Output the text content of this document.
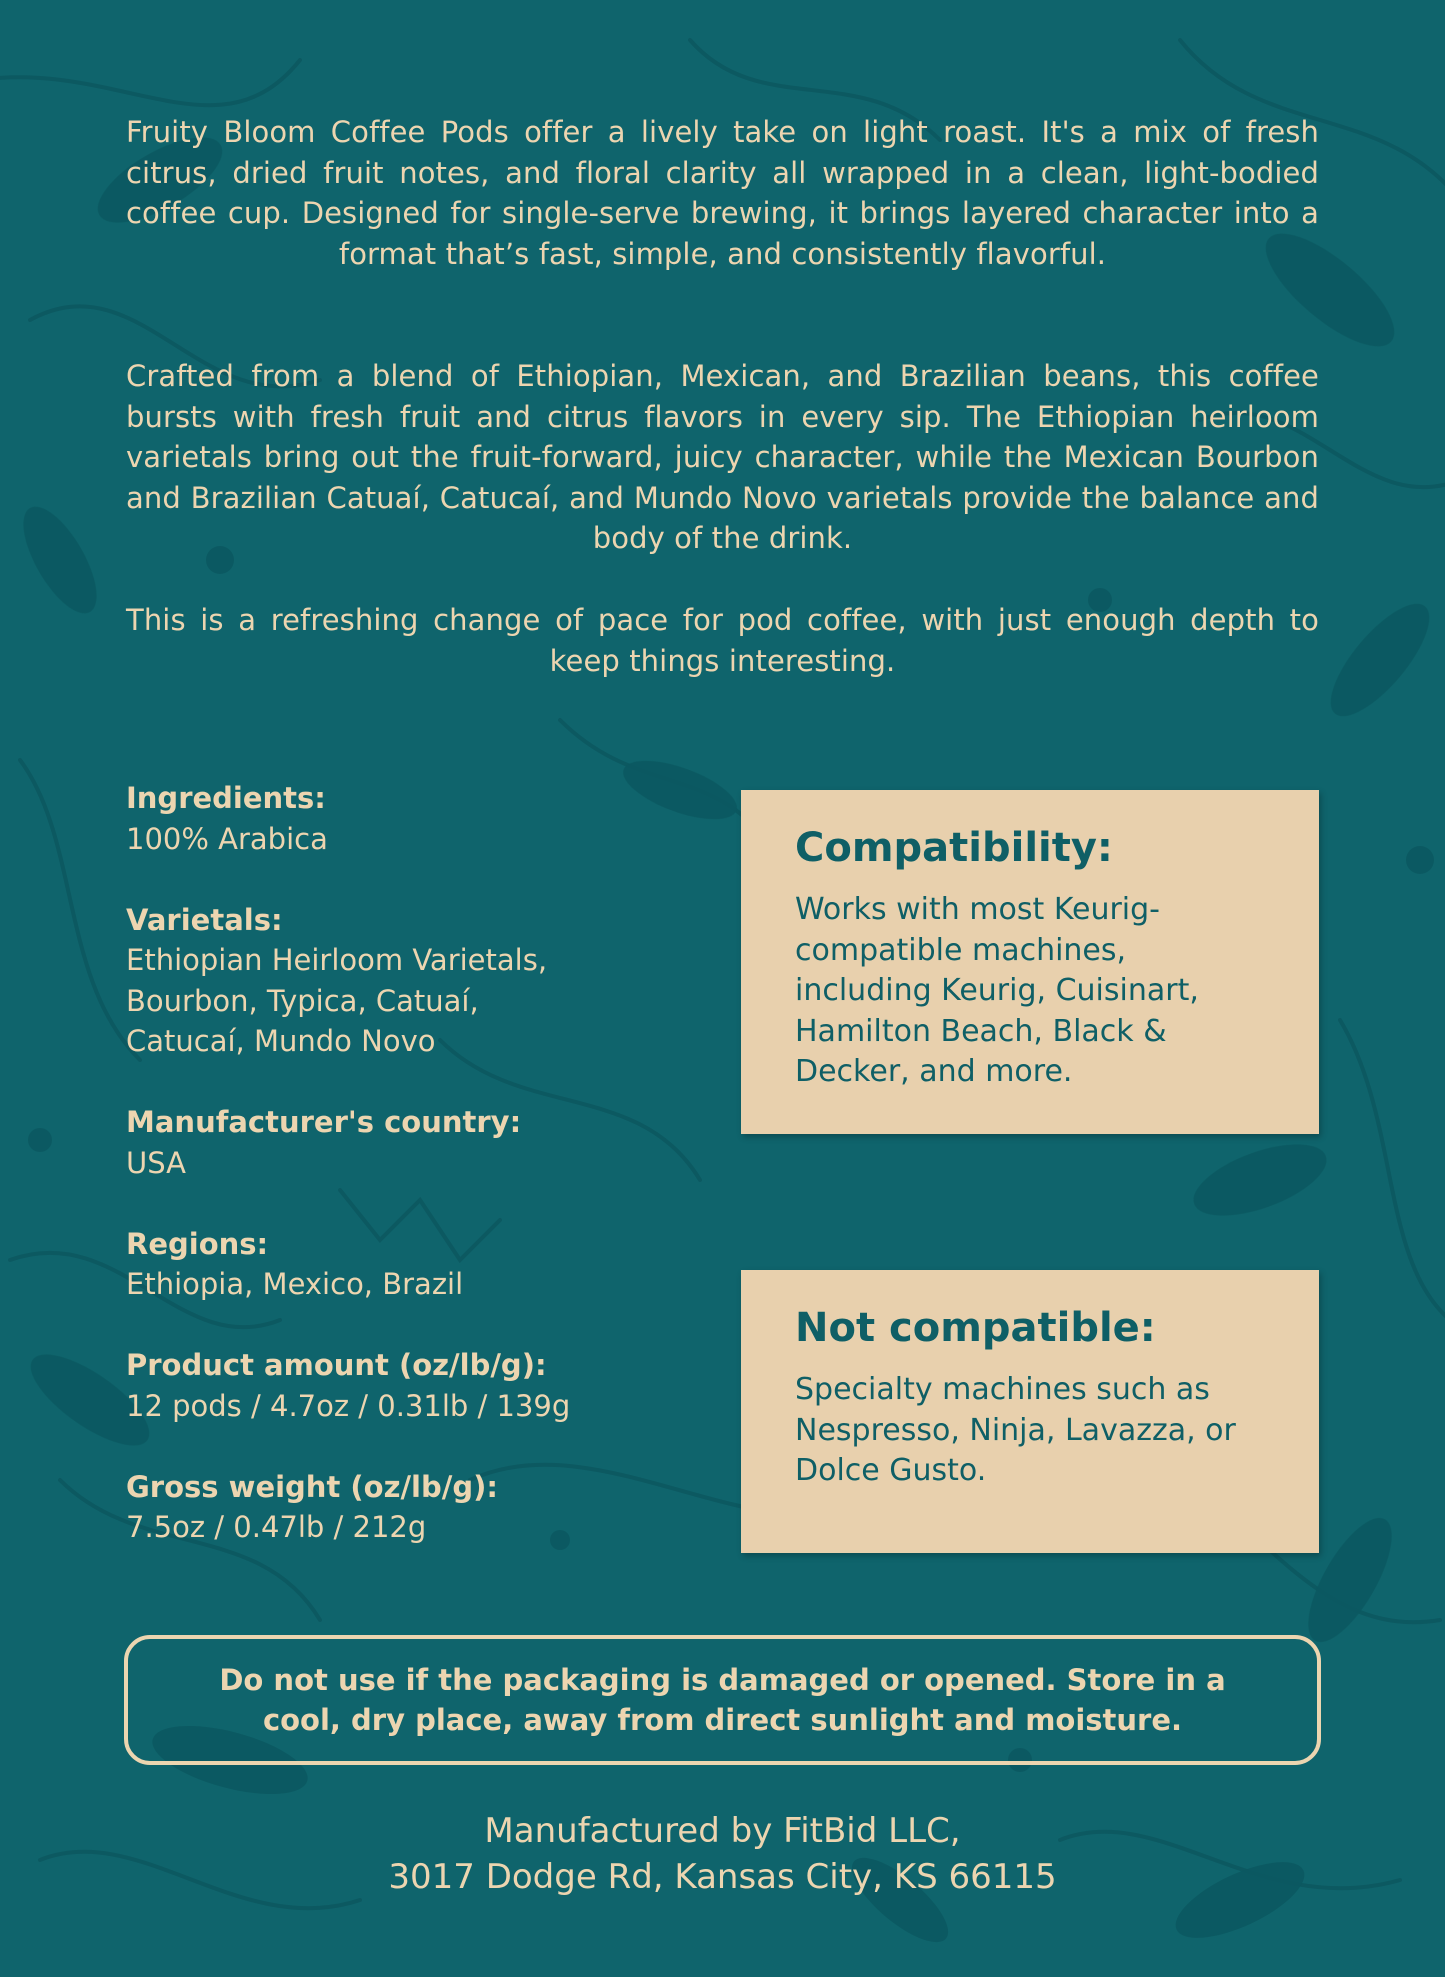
Fruity Bloom Coffee Pods offer a lively take on light roast. It's a mix of fresh citrus, dried fruit notes, and floral clarity all wrapped in a clean, light-bodied coffee cup. Designed for single-serve brewing, it brings layered character into a format that’s fast, simple, and consistently flavorful.

Crafted from a blend of Ethiopian, Mexican, and Brazilian beans, this coffee bursts with fresh fruit and citrus flavors in every sip. The Ethiopian heirloom varietals bring out the fruit-forward, juicy character, while the Mexican Bourbon and Brazilian Catuaí, Catucaí, and Mundo Novo varietals provide the balance and body of the drink.

This is a refreshing change of pace for pod coffee, with just enough depth to keep things interesting.

Ingredients:
100% Arabica
Varietals:
Ethiopian Heirloom Varietals,
Bourbon, Typica, Catuaí,
Catucaí, Mundo Novo
Manufacturer's country:
USA
Regions:
Ethiopia, Mexico, Brazil
Product amount (oz/lb/g):
12 pods / 4.7oz / 0.31lb / 139g
Gross weight (oz/lb/g):
7.5oz / 0.47lb / 212g
Compatibility:
Works with most Keurig-compatible machines, including Keurig, Cuisinart, Hamilton Beach, Black & Decker, and more.
Not compatible:
Specialty machines such as Nespresso, Ninja, Lavazza, or Dolce Gusto.
Do not use if the packaging is damaged or opened. Store in a cool, dry place, away from direct sunlight and moisture.
Manufactured by FitBid LLC,
3017 Dodge Rd, Kansas City, KS 66115
